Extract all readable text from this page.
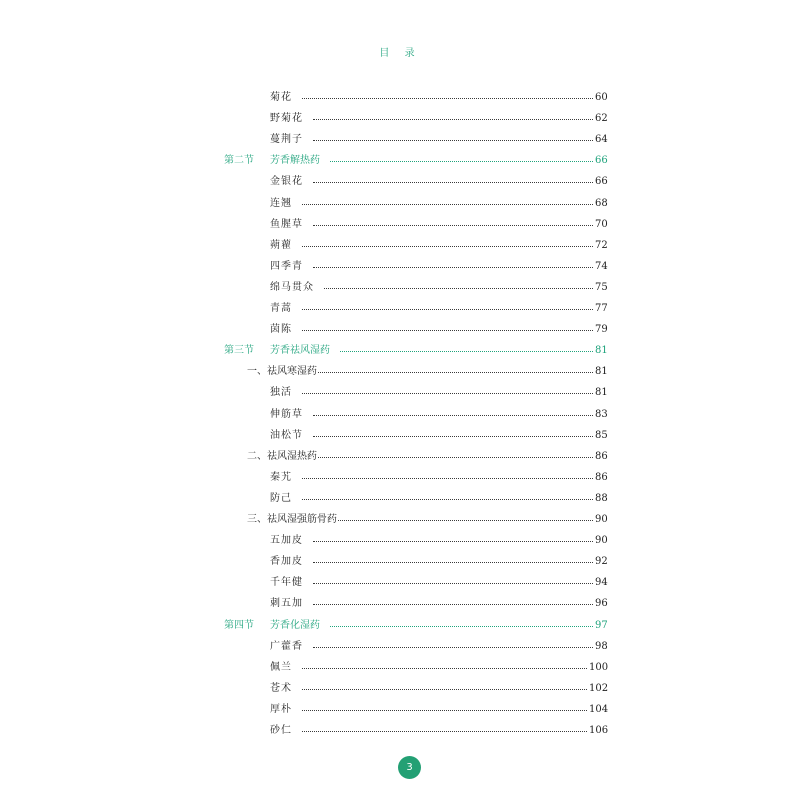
目 录
菊花	60
野菊花	62
蔓荆子	64
第二节 芳香解热药	66
金银花	66
连翘	68
鱼腥草	70
蒴藋	72
四季青	74
绵马贯众	75
青蒿	77
茵陈	79
第三节 芳香祛风湿药	81
一、祛风寒湿药	81
独活	81
伸筋草	83
油松节	85
二、祛风湿热药	86
秦艽	86
防己	88
三、祛风湿强筋骨药	90
五加皮	90
香加皮	92
千年健	94
刺五加	96
第四节 芳香化湿药	97
广藿香	98
佩兰	100
苍术	102
厚朴	104
砂仁	106
3
